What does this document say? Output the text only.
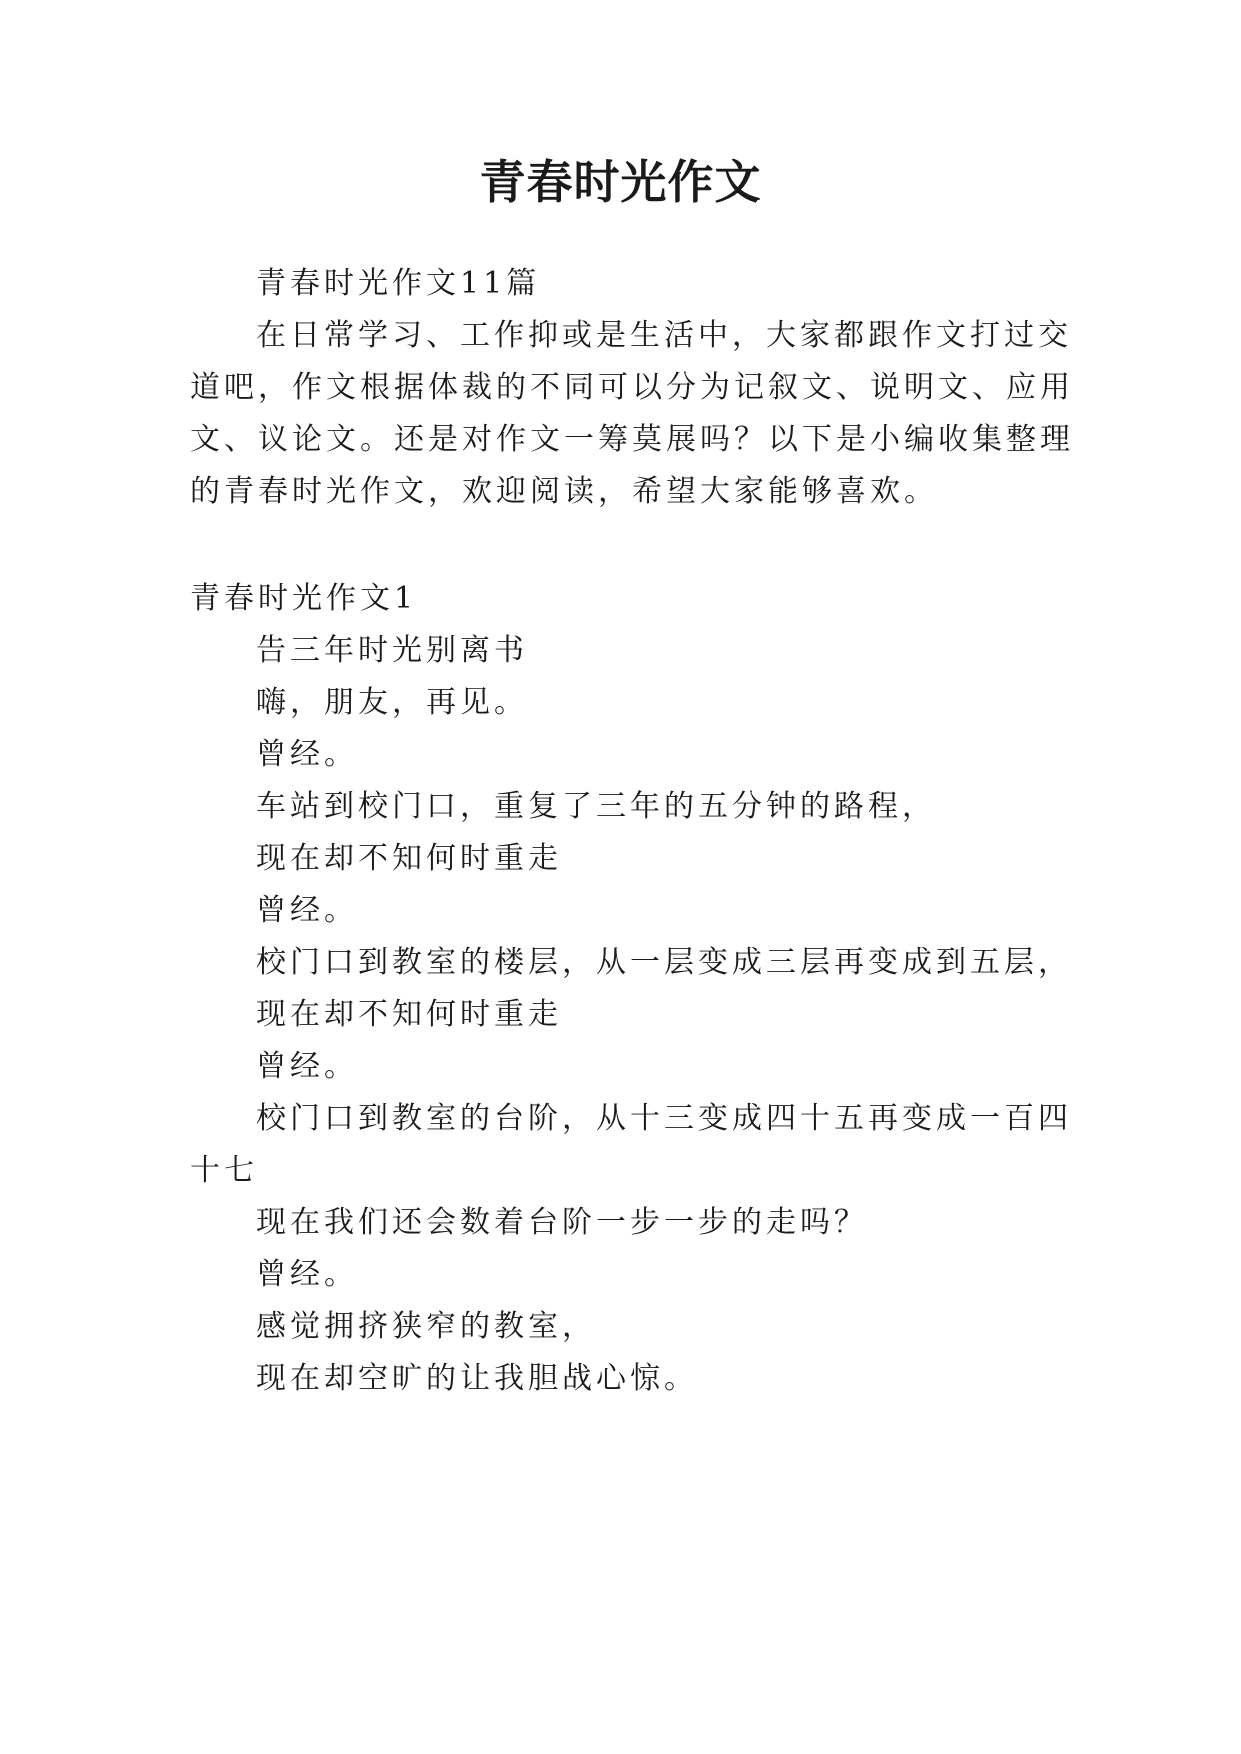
青春时光作文
青春时光作文11篇
在日常学习、工作抑或是生活中，大家都跟作文打过交
道吧，作文根据体裁的不同可以分为记叙文、说明文、应用
文、议论文。还是对作文一筹莫展吗？以下是小编收集整理
的青春时光作文，欢迎阅读，希望大家能够喜欢。
青春时光作文1
告三年时光别离书
嗨，朋友，再见。
曾经。
车站到校门口，重复了三年的五分钟的路程，
现在却不知何时重走
曾经。
校门口到教室的楼层，从一层变成三层再变成到五层，
现在却不知何时重走
曾经。
校门口到教室的台阶，从十三变成四十五再变成一百四
十七
现在我们还会数着台阶一步一步的走吗？
曾经。
感觉拥挤狭窄的教室，
现在却空旷的让我胆战心惊。
